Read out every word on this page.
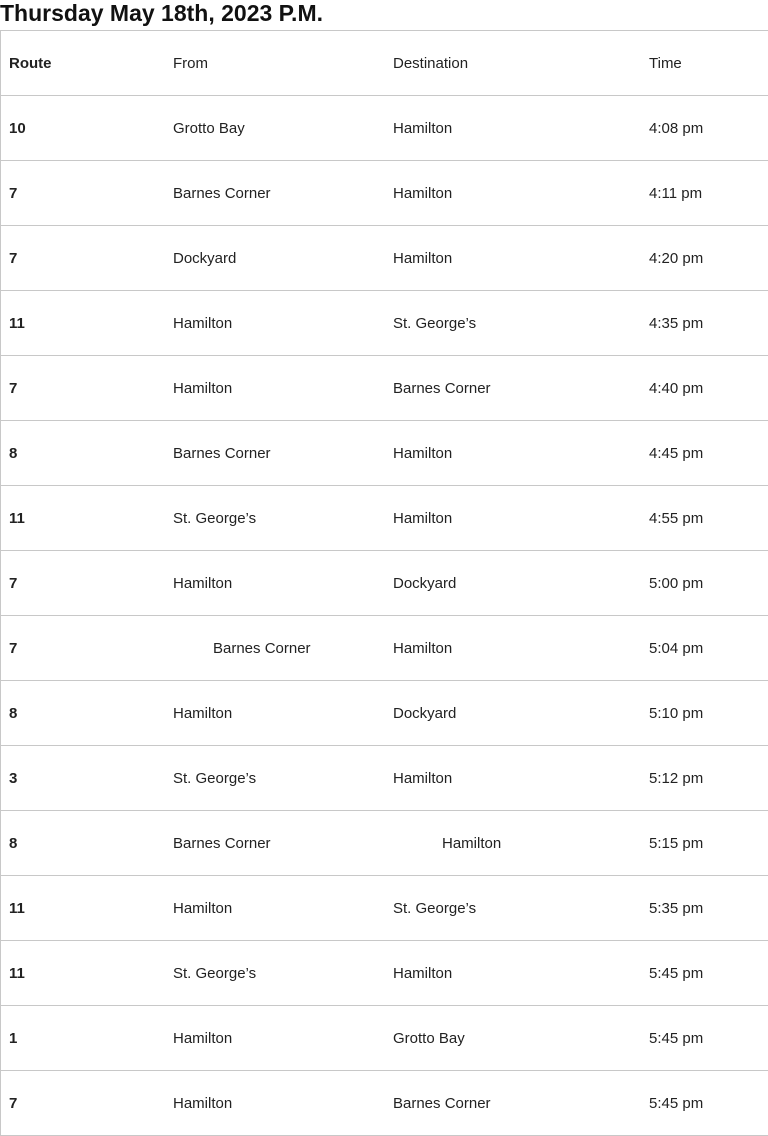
Thursday May 18th, 2023 P.M.
Route	From	Destination	Time
10	Grotto Bay	Hamilton	4:08 pm
7	Barnes Corner	Hamilton	4:11 pm
7	Dockyard	Hamilton	4:20 pm
11	Hamilton	St. George’s	4:35 pm
7	Hamilton	Barnes Corner	4:40 pm
8	Barnes Corner	Hamilton	4:45 pm
11	St. George’s	Hamilton	4:55 pm
7	Hamilton	Dockyard	5:00 pm
7	Barnes Corner	Hamilton	5:04 pm
8	Hamilton	Dockyard	5:10 pm
3	St. George’s	Hamilton	5:12 pm
8	Barnes Corner	Hamilton	5:15 pm
11	Hamilton	St. George’s	5:35 pm
11	St. George’s	Hamilton	5:45 pm
1	Hamilton	Grotto Bay	5:45 pm
7	Hamilton	Barnes Corner	5:45 pm
